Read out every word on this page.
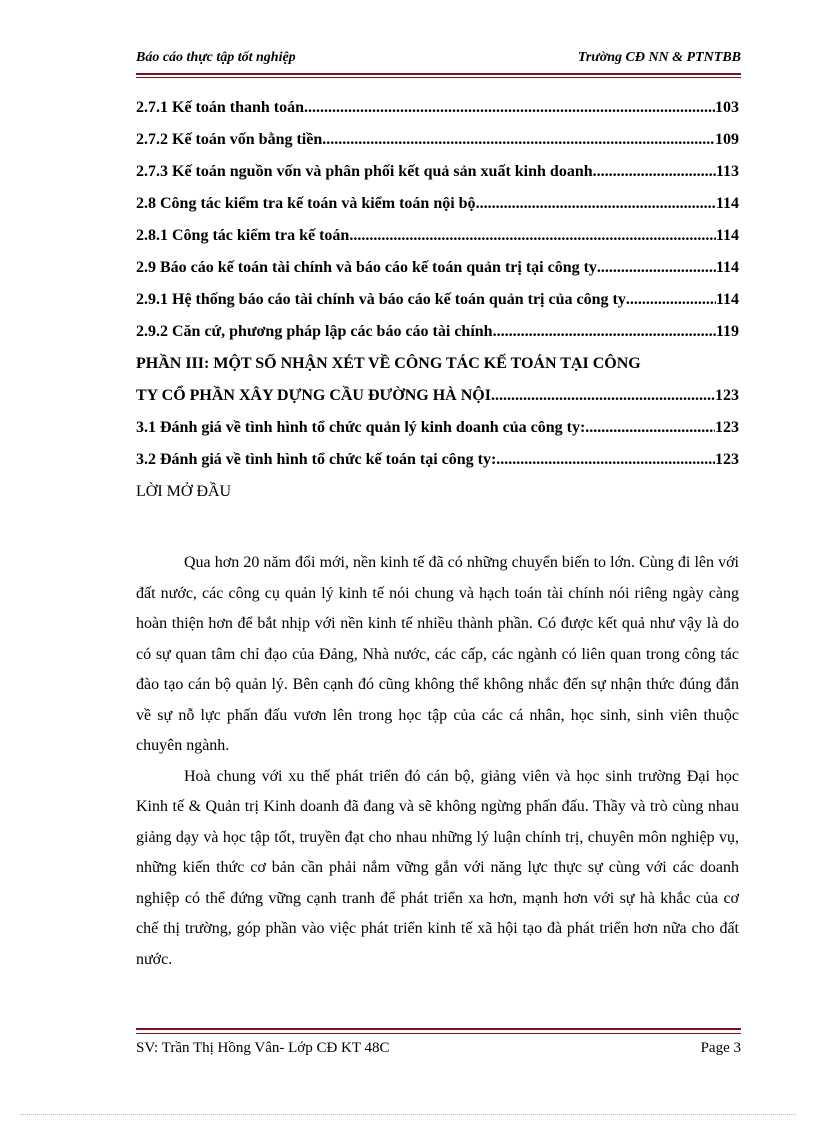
Báo cáo thực tập tốt nghiệp	Trường CĐ NN & PTNTBB
2.7.1 Kế toán thanh toán .....	103
2.7.2 Kế toán vốn bằng tiền .....	109
2.7.3 Kế toán nguồn vốn và phân phối kết quả sản xuất kinh doanh .....	113
2.8 Công tác kiểm tra kế toán và kiểm toán nội bộ .....	114
2.8.1 Công tác kiểm tra kế toán .....	114
2.9 Báo cáo kế toán tài chính và báo cáo kế toán quản trị tại công ty .....	114
2.9.1 Hệ thống báo cáo tài chính và báo cáo kế toán quản trị của công ty .....	114
2.9.2 Căn cứ, phương pháp lập các báo cáo tài chính .....	119
PHẦN III: MỘT SỐ NHẬN XÉT VỀ CÔNG TÁC KẾ TOÁN TẠI CÔNG
TY CỔ PHẦN XÂY DỰNG CẦU ĐƯỜNG HÀ NỘI .....	123
3.1 Đánh giá về tình hình tổ chức quản lý kinh doanh của công ty: .....	123
3.2 Đánh giá về tình hình tổ chức kế toán tại công ty: .....	123
LỜI MỞ ĐẦU

Qua hơn 20 năm đổi mới, nền kinh tế đã có những chuyển biến to lớn. Cùng đi lên với đất nước, các công cụ quản lý kinh tế nói chung và hạch toán tài chính nói riêng ngày càng hoàn thiện hơn để bắt nhịp với nền kinh tế nhiều thành phần. Có được kết quả như vậy là do có sự quan tâm chỉ đạo của Đảng, Nhà nước, các cấp, các ngành có liên quan trong công tác đào tạo cán bộ quản lý. Bên cạnh đó cũng không thể không nhắc đến sự nhận thức đúng đắn về sự nỗ lực phấn đấu vươn lên trong học tập của các cá nhân, học sinh, sinh viên thuộc chuyên ngành.

Hoà chung với xu thế phát triển đó cán bộ, giảng viên và học sinh trường Đại học Kinh tế & Quản trị Kinh doanh đã đang và sẽ không ngừng phấn đấu. Thầy và trò cùng nhau giảng dạy và học tập tốt, truyền đạt cho nhau những lý luận chính trị, chuyên môn nghiệp vụ, những kiến thức cơ bản cần phải nắm vững gắn với năng lực thực sự cùng với các doanh nghiệp có thể đứng vững cạnh tranh để phát triển xa hơn, mạnh hơn với sự hà khắc của cơ chế thị trường, góp phần vào việc phát triển kinh tế xã hội tạo đà phát triển hơn nữa cho đất nước.

SV: Trần Thị Hồng Vân- Lớp CĐ KT 48C	Page 3
